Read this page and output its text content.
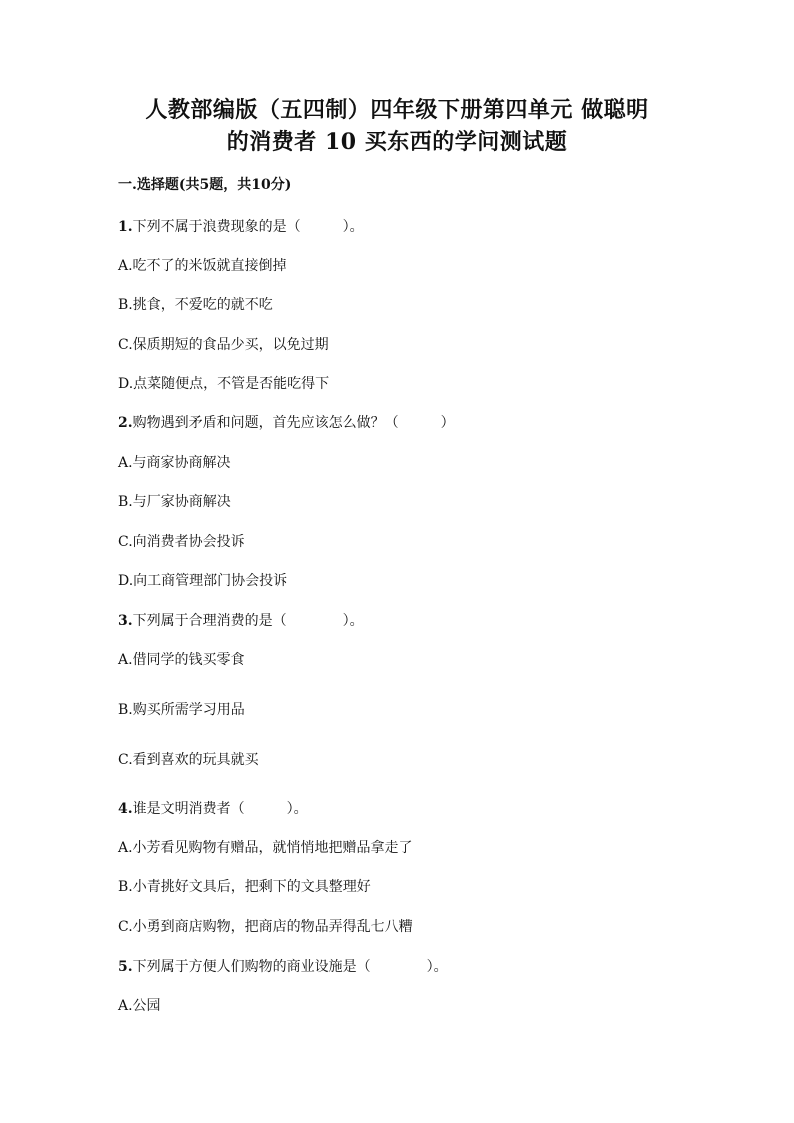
人教部编版（五四制）四年级下册第四单元 做聪明
的消费者 10 买东西的学问测试题
一.选择题(共5题，共10分)
1.下列不属于浪费现象的是（　　　）。
A.吃不了的米饭就直接倒掉
B.挑食，不爱吃的就不吃
C.保质期短的食品少买，以免过期
D.点菜随便点，不管是否能吃得下
2.购物遇到矛盾和问题，首先应该怎么做？（　　　）
A.与商家协商解决
B.与厂家协商解决
C.向消费者协会投诉
D.向工商管理部门协会投诉
3.下列属于合理消费的是（　　　　）。
A.借同学的钱买零食
B.购买所需学习用品
C.看到喜欢的玩具就买
4.谁是文明消费者（　　　）。
A.小芳看见购物有赠品，就悄悄地把赠品拿走了
B.小青挑好文具后，把剩下的文具整理好
C.小勇到商店购物，把商店的物品弄得乱七八糟
5.下列属于方便人们购物的商业设施是（　　　　）。
A.公园
